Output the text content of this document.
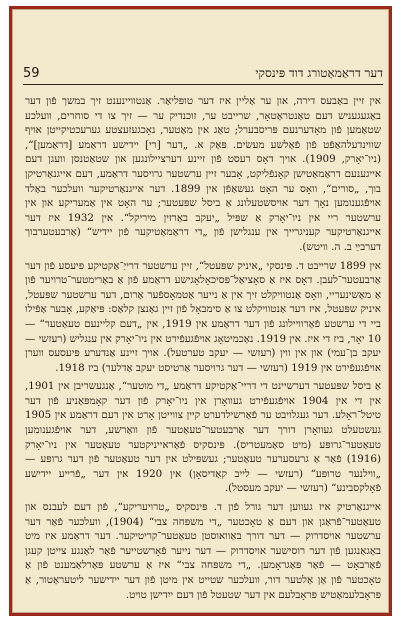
59	דער דראַמאַטורג דוד פּינסקי

אין זיין באַבעס דירה, און ער אַליין איז דער טופּליאַר. אַנטוויינענט זיך במשך פֿון דער באַגעגעניש דעם טאַנטראַטאָר, שרייבט ער, זוכנדיק ער — זיך צו די סוחרים, וועלכע שטאַמען פֿון מאָדערנעם פּריסבערל; טאַג אין מאַטער, נאָכגעזעצטע גערעכטיקייטן אויף שווינדעלהאַפֿט פֿון פֿאַלשע מעשׂים. פּאַק א. „דער [רי] יידישע דראַמע [דראַמען]“, (ניו־יאָרק, 1909). אויך דאָס רעסט פֿון זיינע דערציילונגען און שטאַטנסן וועגן דעם אייגענעם דראַמאַטישן קאָנפֿליקט, אָבער זיין ערשטער גרויסער דראַמע, דעם אייגנאַרטיקן בוך, „סורים“, וואָס ער האָט געשאַפֿן אין 1899. דער אייגנאַרטיקער וועלכער באַלד אויפֿגענומען נאָך דער אויסשטעלונג אַ ביסל שפּעטער; ער האָט אין אַמעריקע און אין ערשטער ריי אין ניו־יאָרק אַ שפּיל „יעקב באַרזין מיריקל“. אין 1932 איז דער אייגנאַרטיקער קעניגרייך אין ענגלישן פֿון „די דראַמאַטיקער פֿון יידיש“ (אַרבעטערבוך דערבײַ ב. ה. וויטש).

אין 1899 שרייבט ד. פּינסקי „איניק שפּעטל“, זיין ערשטער דרייַ־אַקטיקע פּיעסע פֿון דער אַרבעטער־לעבן. דאָס איז אַ סאָציאַל־פּסיכאָלאָגישע דראַמע פֿון אַ באַרימטער־טרויער פֿון אַ מאַשינעריי, וואָס אַנטוויקלט זיך אין אַ נייער אַטמאָספֿער אַרום, דער ערשטער שפּעטל, איניק שפּעטל, איז דער אַנטוויקלט צו אַ סימבאָל פֿון זיין גאַנצן קלאַס: פּיאַקע, אָבער אַפֿילו ביי די ערשטע פֿאַרוויילונג פֿון דער דראַמע אין 1919, אין „דעם קליינעם טעאַטער“ — 10 יאָר, ביז די איז. אין 1919. נאַכמיטאָג אויפֿגעפֿירט אין ניו־יאָרק אין ענגליש (רעזשי — יעקב בן־עמי) און אין ווין (רעזשי — יעקב טערטעל). אויך זיינע אַנדערע פּיעסעס ווערן אויפֿגעפֿירט אין 1919 (רעזשי — דער גרויסער אַרטיסט יעקב אַדלער) ביז 1918.

אַ ביסל שפּעטער דערשיינט די דריי־אַקטיקע דראַמע „די מוטער“, אַנגעשריבן אין 1901, אין די אין 1904 אויפֿגעפֿירט געוואָרן אין ניו־יאָרק פֿון דער קאָמפּאַניע פֿון דער טיטל־ראָלע. דער געגלויבט ער פֿאַרשילדערט קיין צווייטן אָרט אין דעם דראַמע אין 1905 געשטעלט געוואָרן דורך דער אַרבעטער־טעאַטער פֿון וואַרשע, דער אויפֿגענומען טעאַטער־גרופּע (מיט סאַמעטריס). פּינסקיס פֿאַראייניקטער טעאַטער אין ניו־יאָרק (1916) פֿאַר אַ גרעסערער טעאַטער; געשפּילט אין דער טעאַטער פֿון דער גרופּע — „ווילנער טרופּע“ (רעזשי — לייב קאַדיסאָן) אין 1920 אין דער „פֿרייע יידישע פֿאָלקסבינע“ (רעזשי — יעקב מעסטל).

אייגנאַרטיק איז געווען דער גורל פֿון ד. פּינסקיס „טרויעריקע“, פֿון דעם לעבנס און טעאַטער־פֿראַגן און דעם אַ טאָכטער „די משפּחה צבי“ (1904), וועלכער פֿאַר דער ערשטער אויסדרוק — דער דורך באַוואוסטן טעאַטער־קריטיקער. דער דראַמע איז מיט באַגאַנגען פֿון דער רוסישער אויסדרוק — דער נייער פֿאָרשטייער פֿאַר לאַנגע צייטן קעגן פֿאַרבאָט — פֿאַר פּאַגראָמען. „די משפּחה צבי“ איז אַ ערשטע פּאַרלאַמענט פֿון אַ טאָכטער פֿון אַן אַלטער דור, וועלכער שטייט אין מיטן פֿון דער יידישער ליטעראַטור, אַ פּראָבלעמאַטיש פּראָבלעם אין דער שטעטל פֿון דעם ייִדישן טויט.
